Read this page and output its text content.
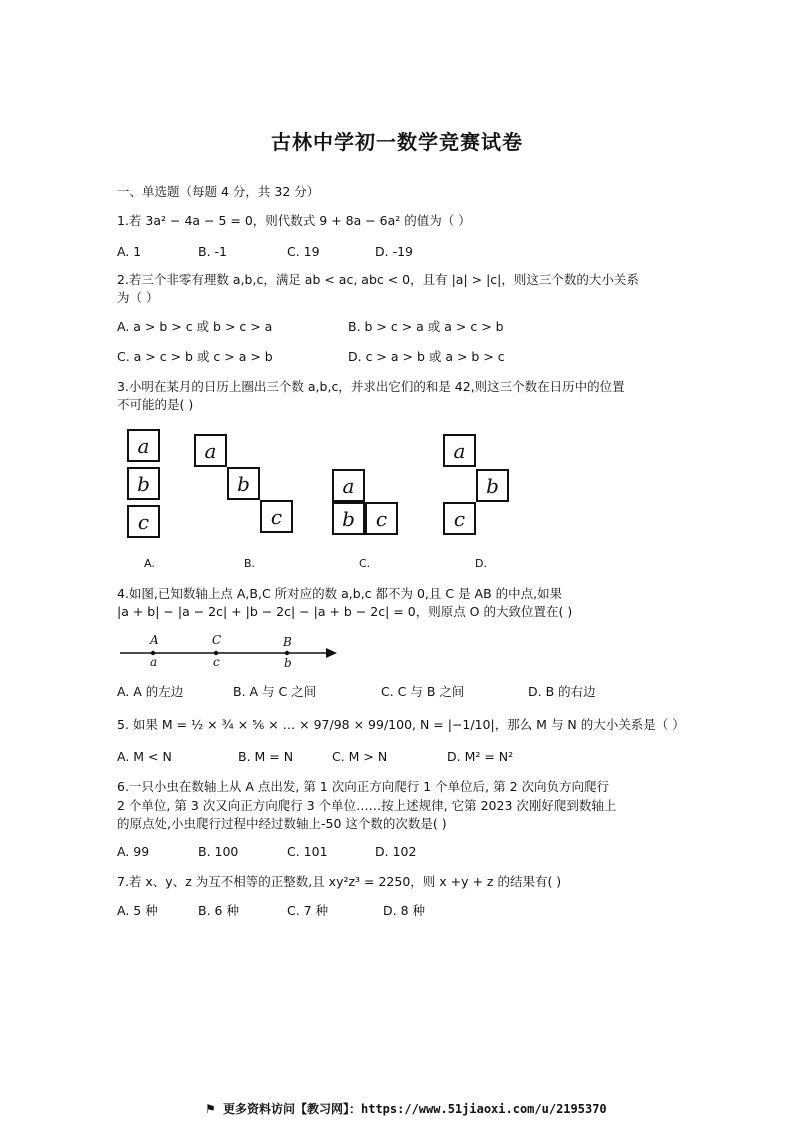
古林中学初一数学竞赛试卷
一、单选题（每题 4 分，共 32 分）
1.若 3a² − 4a − 5 = 0，则代数式 9 + 8a − 6a² 的值为（ ）
A. 1	B. -1	C. 19	D. -19
2.若三个非零有理数 a,b,c，满足 ab < ac, abc < 0，且有 |a| > |c|，则这三个数的大小关系
为（ ）
A. a > b > c 或 b > c > a	B. b > c > a 或 a > c > b
C. a > c > b 或 c > a > b	D. c > a > b 或 a > b > c
3.小明在某月的日历上圈出三个数 a,b,c，并求出它们的和是 42,则这三个数在日历中的位置
不可能的是( )
a
b
c
a
b
c
a
b	c
a
b
c
A.	B.	C.	D.
4.如图,已知数轴上点 A,B,C 所对应的数 a,b,c 都不为 0,且 C 是 AB 的中点,如果
|a + b| − |a − 2c| + |b − 2c| − |a + b − 2c| = 0，则原点 O 的大致位置在( )
A	C	B
a	c	b
A. A 的左边	B. A 与 C 之间	C. C 与 B 之间	D. B 的右边
5. 如果 M = ½ × ¾ × ⅚ × … × 97/98 × 99/100, N = |−1/10|，那么 M 与 N 的大小关系是（ ）
A. M < N	B. M = N	C. M > N	D. M² = N²
6.一只小虫在数轴上从 A 点出发, 第 1 次向正方向爬行 1 个单位后, 第 2 次向负方向爬行
2 个单位, 第 3 次又向正方向爬行 3 个单位……按上述规律, 它第 2023 次刚好爬到数轴上
的原点处,小虫爬行过程中经过数轴上-50 这个数的次数是( )
A. 99	B. 100	C. 101	D. 102
7.若 x、y、z 为互不相等的正整数,且 xy²z³ = 2250，则 x +y + z 的结果有( )
A. 5 种	B. 6 种	C. 7 种	D. 8 种
⚑ 更多资料访问【教习网】：https://www.51jiaoxi.com/u/2195370
